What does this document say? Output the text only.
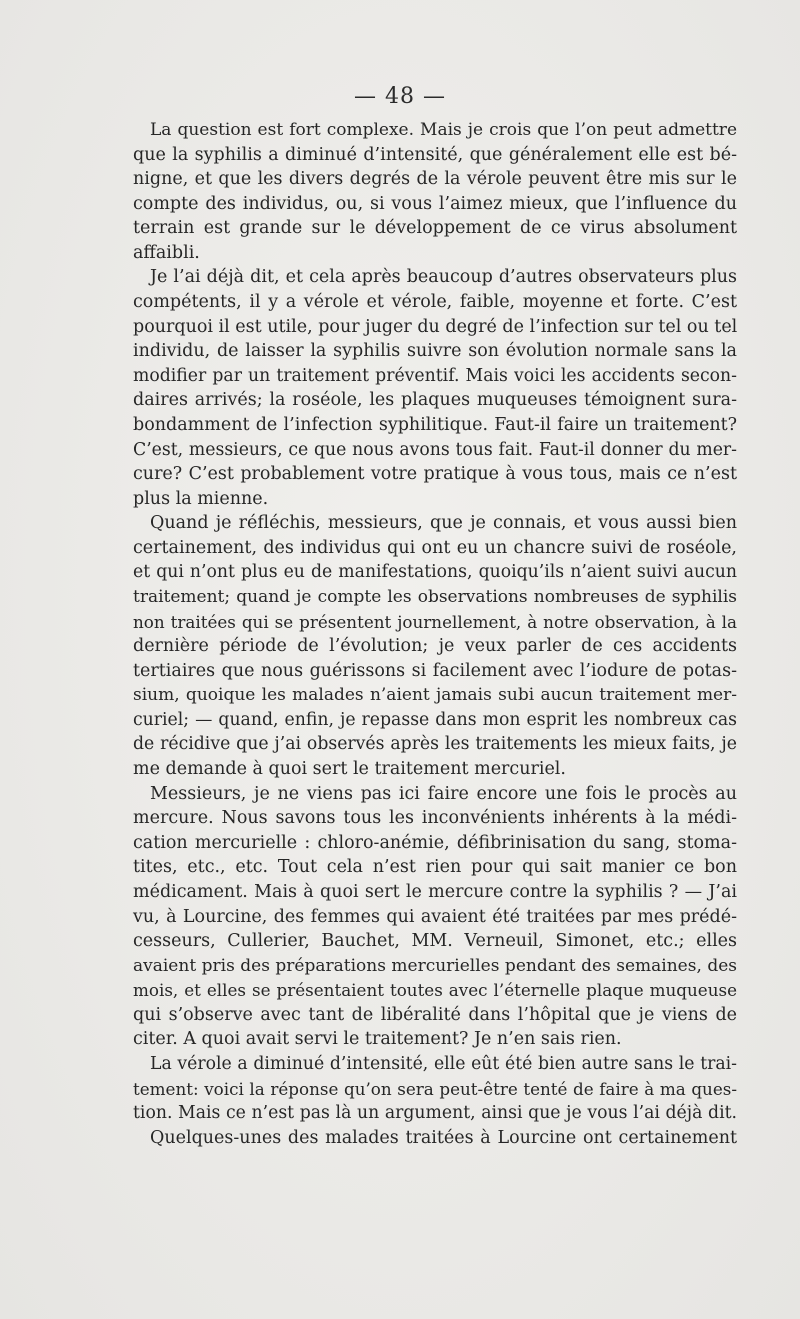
— 48 —
La question est fort complexe. Mais je crois que l’on peut admettre
que la syphilis a diminué d’intensité, que généralement elle est bé-
nigne, et que les divers degrés de la vérole peuvent être mis sur le
compte des individus, ou, si vous l’aimez mieux, que l’influence du
terrain est grande sur le développement de ce virus absolument
affaibli.
Je l’ai déjà dit, et cela après beaucoup d’autres observateurs plus
compétents, il y a vérole et vérole, faible, moyenne et forte. C’est
pourquoi il est utile, pour juger du degré de l’infection sur tel ou tel
individu, de laisser la syphilis suivre son évolution normale sans la
modifier par un traitement préventif. Mais voici les accidents secon-
daires arrivés; la roséole, les plaques muqueuses témoignent sura-
bondamment de l’infection syphilitique. Faut-il faire un traitement?
C’est, messieurs, ce que nous avons tous fait. Faut-il donner du mer-
cure? C’est probablement votre pratique à vous tous, mais ce n’est
plus la mienne.
Quand je réfléchis, messieurs, que je connais, et vous aussi bien
certainement, des individus qui ont eu un chancre suivi de roséole,
et qui n’ont plus eu de manifestations, quoiqu’ils n’aient suivi aucun
traitement; quand je compte les observations nombreuses de syphilis
non traitées qui se présentent journellement, à notre observation, à la
dernière période de l’évolution; je veux parler de ces accidents
tertiaires que nous guérissons si facilement avec l’iodure de potas-
sium, quoique les malades n’aient jamais subi aucun traitement mer-
curiel; — quand, enfin, je repasse dans mon esprit les nombreux cas
de récidive que j’ai observés après les traitements les mieux faits, je
me demande à quoi sert le traitement mercuriel.
Messieurs, je ne viens pas ici faire encore une fois le procès au
mercure. Nous savons tous les inconvénients inhérents à la médi-
cation mercurielle : chloro-anémie, défibrinisation du sang, stoma-
tites, etc., etc. Tout cela n’est rien pour qui sait manier ce bon
médicament. Mais à quoi sert le mercure contre la syphilis ? — J’ai
vu, à Lourcine, des femmes qui avaient été traitées par mes prédé-
cesseurs, Cullerier, Bauchet, MM. Verneuil, Simonet, etc.; elles
avaient pris des préparations mercurielles pendant des semaines, des
mois, et elles se présentaient toutes avec l’éternelle plaque muqueuse
qui s’observe avec tant de libéralité dans l’hôpital que je viens de
citer. A quoi avait servi le traitement? Je n’en sais rien.
La vérole a diminué d’intensité, elle eût été bien autre sans le trai-
tement: voici la réponse qu’on sera peut-être tenté de faire à ma ques-
tion. Mais ce n’est pas là un argument, ainsi que je vous l’ai déjà dit.
Quelques-unes des malades traitées à Lourcine ont certainement
